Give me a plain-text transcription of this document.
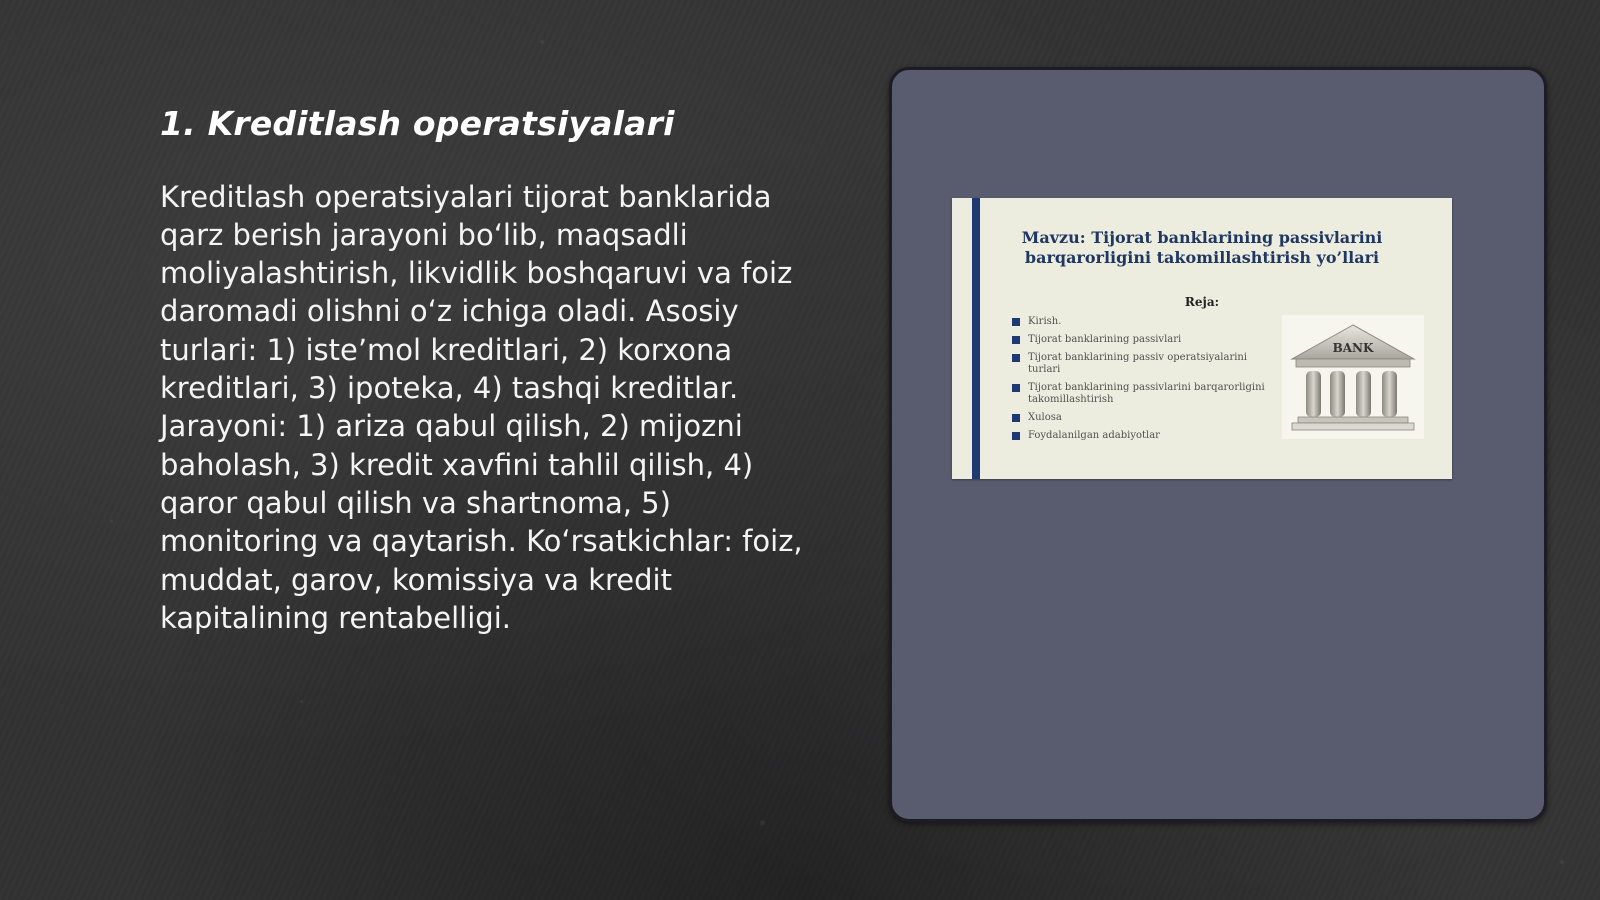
1. Kreditlash operatsiyalari

Kreditlash operatsiyalari tijorat banklarida qarz berish jarayoni bo‘lib, maqsadli moliyalashtirish, likvidlik boshqaruvi va foiz daromadi olishni o‘z ichiga oladi. Asosiy turlari: 1) iste’mol kreditlari, 2) korxona kreditlari, 3) ipoteka, 4) tashqi kreditlar. Jarayoni: 1) ariza qabul qilish, 2) mijozni baholash, 3) kredit xavfini tahlil qilish, 4) qaror qabul qilish va shartnoma, 5) monitoring va qaytarish. Ko‘rsatkichlar: foiz, muddat, garov, komissiya va kredit kapitalining rentabelligi.

Mavzu: Tijorat banklarining passivlarini
barqarorligini takomillashtirish yo’llari
Reja:
Kirish.
Tijorat banklarining passivlari
Tijorat banklarining passiv operatsiyalarini turlari
Tijorat banklarining passivlarini barqarorligini takomillashtirish
Xulosa
Foydalanilgan adabiyotlar
BANK
